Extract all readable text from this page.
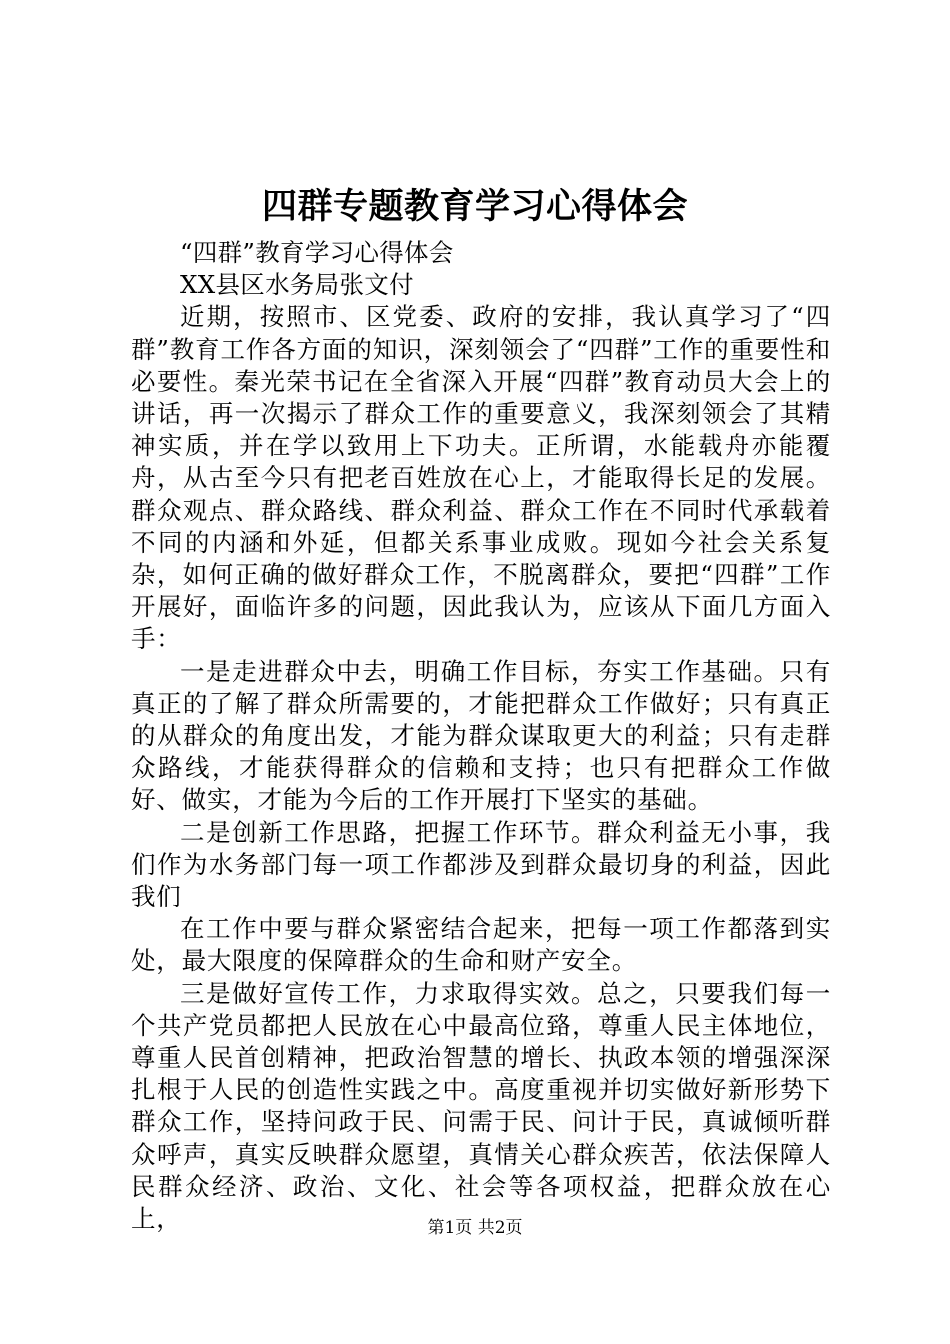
四群专题教育学习心得体会

“四群”教育学习心得体会

XX县区水务局张文付

近期，按照市、区党委、政府的安排，我认真学习了“四群”教育工作各方面的知识，深刻领会了“四群”工作的重要性和必要性。秦光荣书记在全省深入开展“四群”教育动员大会上的讲话，再一次揭示了群众工作的重要意义，我深刻领会了其精神实质，并在学以致用上下功夫。正所谓，水能载舟亦能覆舟，从古至今只有把老百姓放在心上，才能取得长足的发展。群众观点、群众路线、群众利益、群众工作在不同时代承载着不同的内涵和外延，但都关系事业成败。现如今社会关系复杂，如何正确的做好群众工作，不脱离群众，要把“四群”工作开展好，面临许多的问题，因此我认为，应该从下面几方面入手：

一是走进群众中去，明确工作目标，夯实工作基础。只有真正的了解了群众所需要的，才能把群众工作做好；只有真正的从群众的角度出发，才能为群众谋取更大的利益；只有走群众路线，才能获得群众的信赖和支持；也只有把群众工作做好、做实，才能为今后的工作开展打下坚实的基础。

二是创新工作思路，把握工作环节。群众利益无小事，我们作为水务部门每一项工作都涉及到群众最切身的利益，因此我们

在工作中要与群众紧密结合起来，把每一项工作都落到实处，最大限度的保障群众的生命和财产安全。

三是做好宣传工作，力求取得实效。总之，只要我们每一个共产党员都把人民放在心中最高位臵，尊重人民主体地位，尊重人民首创精神，把政治智慧的增长、执政本领的增强深深扎根于人民的创造性实践之中。高度重视并切实做好新形势下群众工作，坚持问政于民、问需于民、问计于民，真诚倾听群众呼声，真实反映群众愿望，真情关心群众疾苦，依法保障人民群众经济、政治、文化、社会等各项权益，把群众放在心上，	第1页 共2页
